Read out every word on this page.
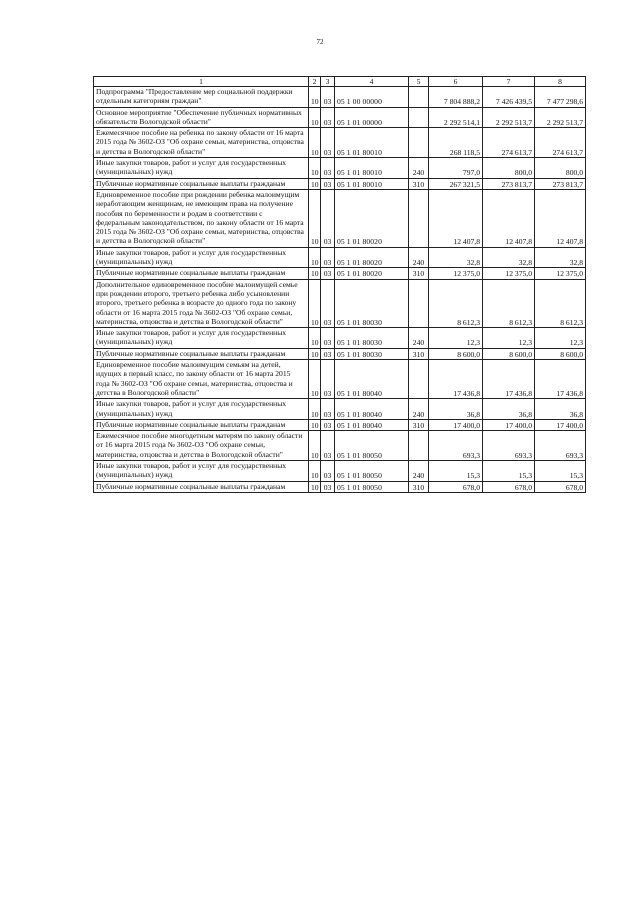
72
1	2	3	4	5	6	7	8
Подпрограмма "Предоставление мер социальной поддержки отдельным категориям граждан"	10	03	05 1 00 00000		7 804 888,2	7 426 439,5	7 477 298,6
Основное мероприятие "Обеспечение публичных нормативных обязательств Вологодской области"	10	03	05 1 01 00000		2 292 514,1	2 292 513,7	2 292 513,7
Ежемесячное пособие на ребенка по закону области от 16 марта 2015 года № 3602-ОЗ "Об охране семьи, материнства, отцовства и детства в Вологодской области"	10	03	05 1 01 80010		268 118,5	274 613,7	274 613,7
Иные закупки товаров, работ и услуг для государственных (муниципальных) нужд	10	03	05 1 01 80010	240	797,0	800,0	800,0
Публичные нормативные социальные выплаты гражданам	10	03	05 1 01 80010	310	267 321,5	273 813,7	273 813,7
Единовременное пособие при рождении ребенка малоимущим неработающим женщинам, не имеющим права на получение пособия по беременности и родам в соответствии с федеральным законодательством, по закону области от 16 марта 2015 года № 3602-ОЗ "Об охране семьи, материнства, отцовства и детства в Вологодской области"	10	03	05 1 01 80020		12 407,8	12 407,8	12 407,8
Иные закупки товаров, работ и услуг для государственных (муниципальных) нужд	10	03	05 1 01 80020	240	32,8	32,8	32,8
Публичные нормативные социальные выплаты гражданам	10	03	05 1 01 80020	310	12 375,0	12 375,0	12 375,0
Дополнительное единовременное пособие малоимущей семье при рождении второго, третьего ребенка либо усыновлении второго, третьего ребенка в возрасте до одного года по закону области от 16 марта 2015 года № 3602-ОЗ "Об охране семьи, материнства, отцовства и детства в Вологодской области"	10	03	05 1 01 80030		8 612,3	8 612,3	8 612,3
Иные закупки товаров, работ и услуг для государственных (муниципальных) нужд	10	03	05 1 01 80030	240	12,3	12,3	12,3
Публичные нормативные социальные выплаты гражданам	10	03	05 1 01 80030	310	8 600,0	8 600,0	8 600,0
Единовременное пособие малоимущим семьям на детей, идущих в первый класс, по закону области от 16 марта 2015 года № 3602-ОЗ "Об охране семьи, материнства, отцовства и детства в Вологодской области"	10	03	05 1 01 80040		17 436,8	17 436,8	17 436,8
Иные закупки товаров, работ и услуг для государственных (муниципальных) нужд	10	03	05 1 01 80040	240	36,8	36,8	36,8
Публичные нормативные социальные выплаты гражданам	10	03	05 1 01 80040	310	17 400,0	17 400,0	17 400,0
Ежемесячное пособие многодетным матерям по закону области от 16 марта 2015 года № 3602-ОЗ "Об охране семьи, материнства, отцовства и детства в Вологодской области"	10	03	05 1 01 80050		693,3	693,3	693,3
Иные закупки товаров, работ и услуг для государственных (муниципальных) нужд	10	03	05 1 01 80050	240	15,3	15,3	15,3
Публичные нормативные социальные выплаты гражданам	10	03	05 1 01 80050	310	678,0	678,0	678,0
